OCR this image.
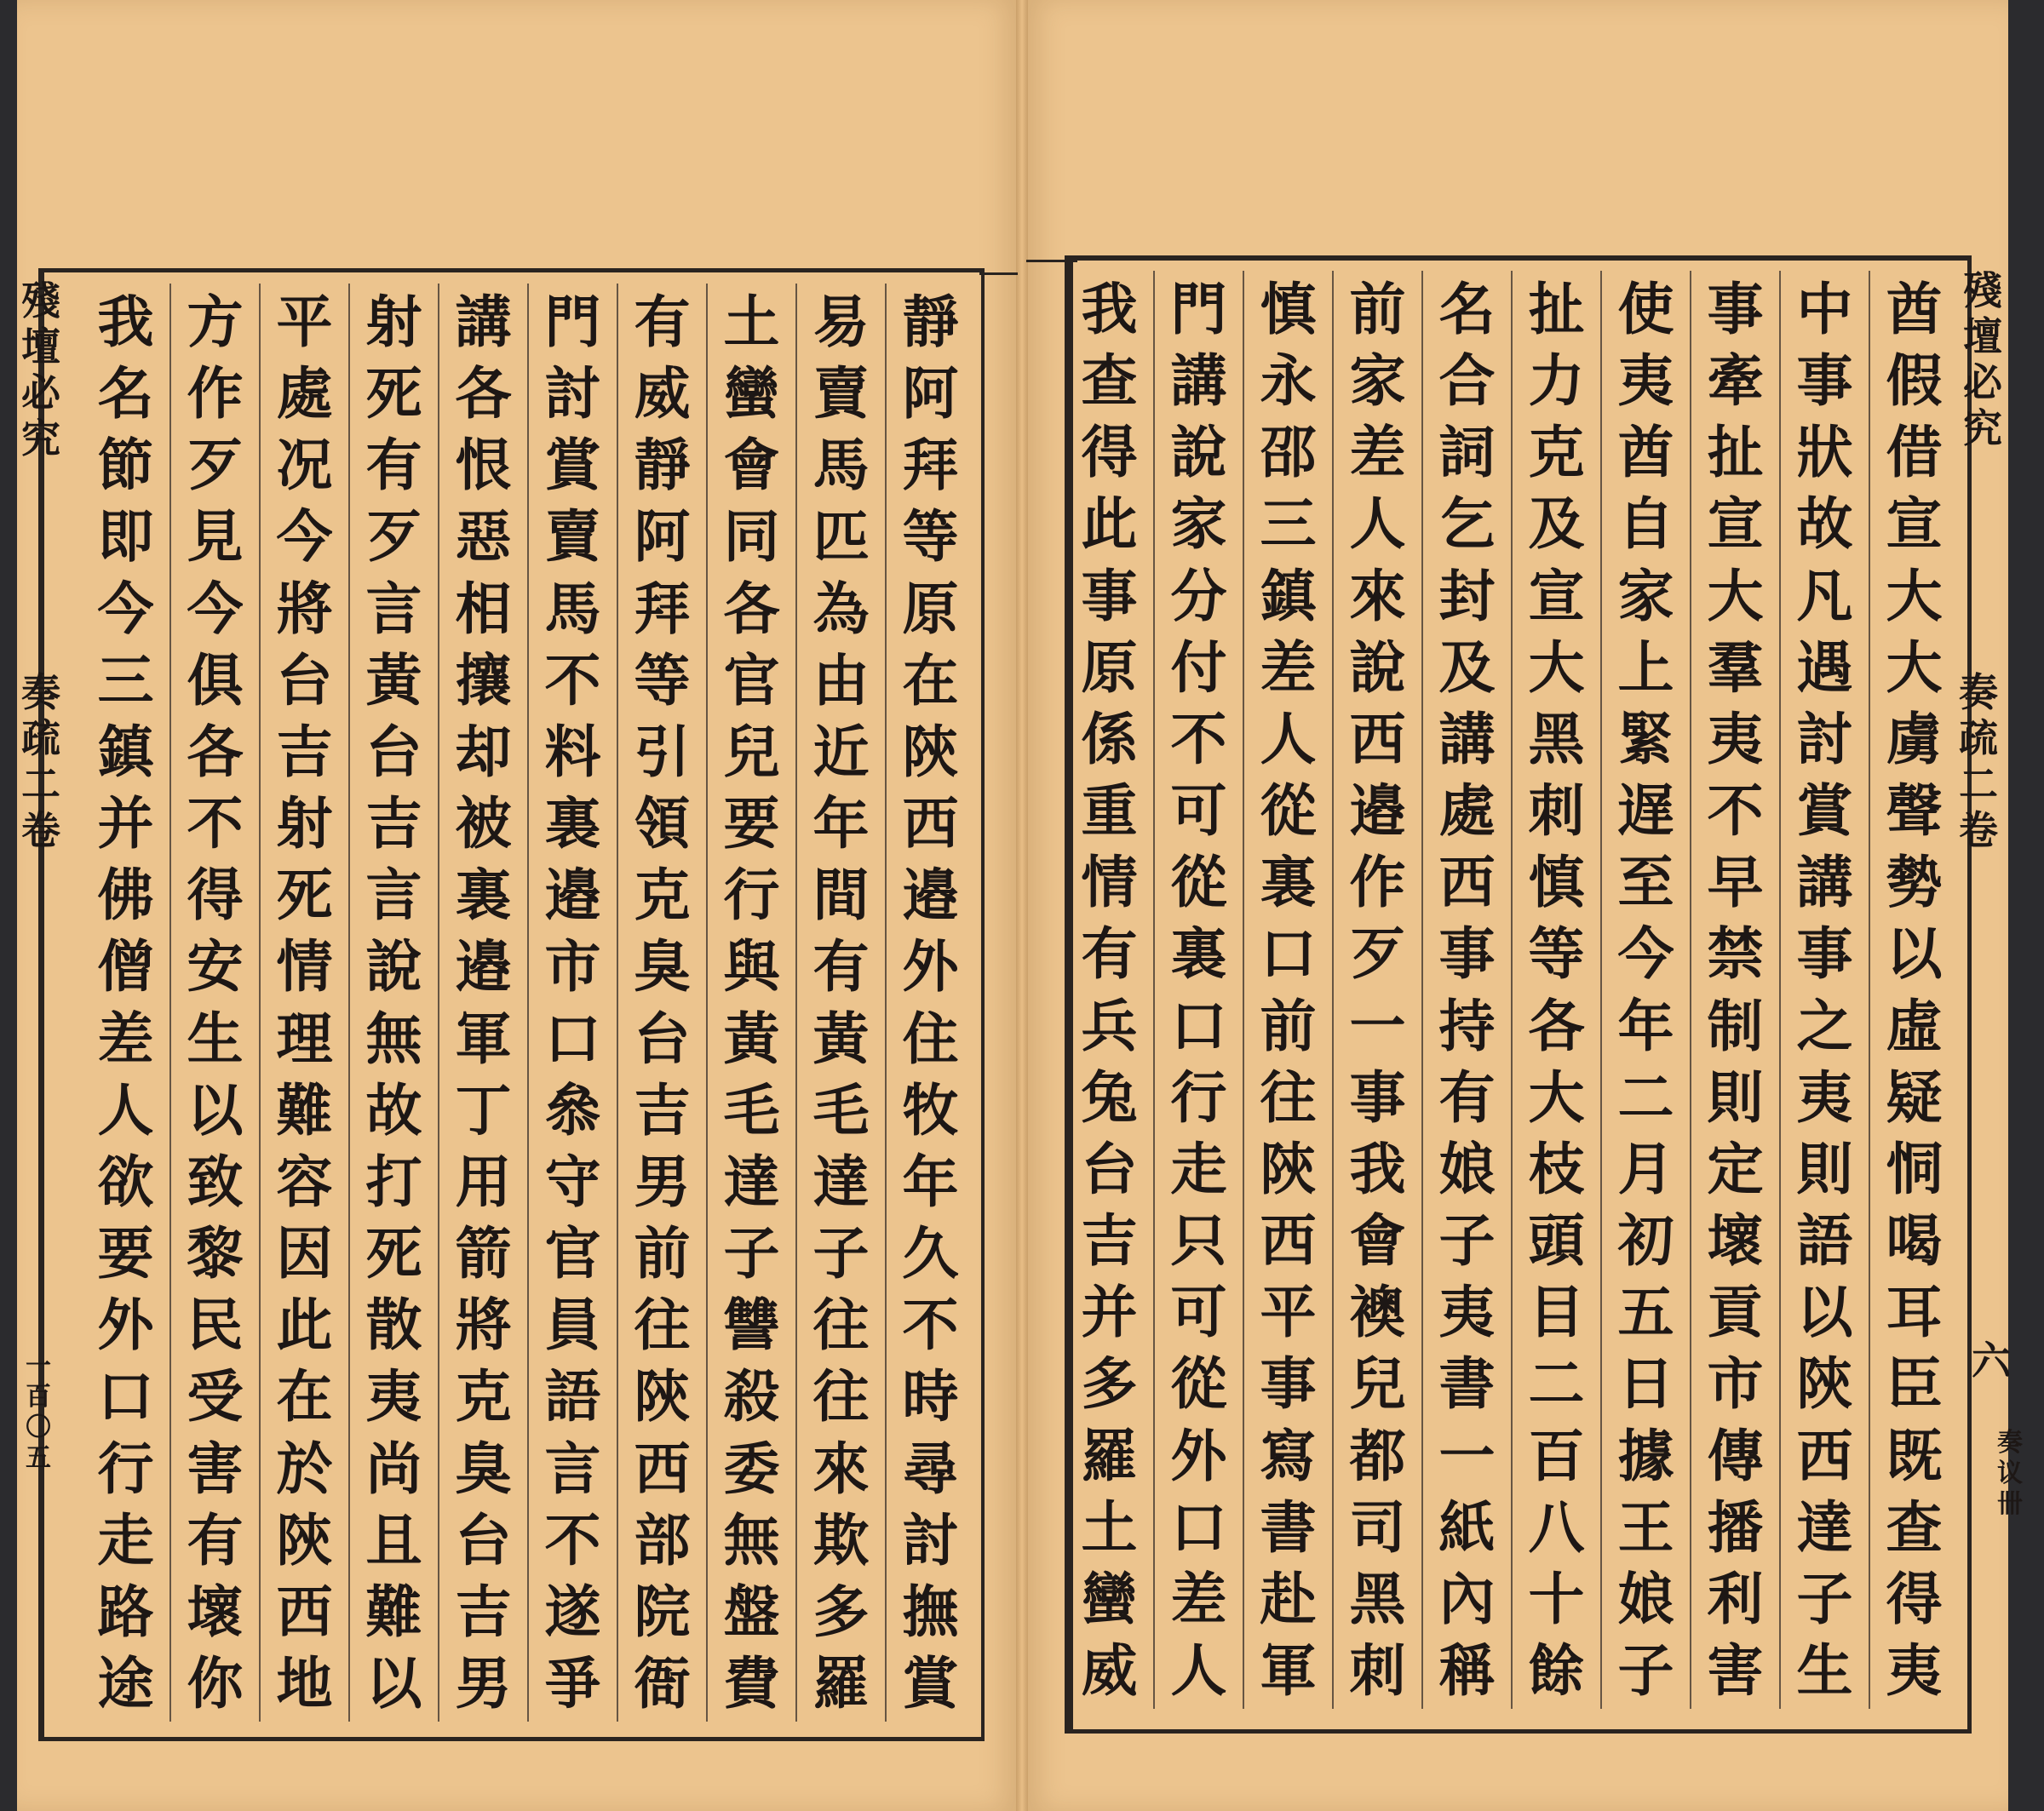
殘
壇
必
究
奏
疏
二
卷
六
奏
议
卌
殘
壇
必
究
奏
疏
二
卷
一
百
〇
五
酋
假
借
宣
大
大
虜
聲
勢
以
虛
疑
恫
喝
耳
臣
既
查
得
夷
中
事
狀
故
凡
遇
討
賞
講
事
之
夷
則
語
以
陝
西
達
子
生
事
牽
扯
宣
大
羣
夷
不
早
禁
制
則
定
壞
貢
市
傳
播
利
害
使
夷
酋
自
家
上
緊
遅
至
今
年
二
月
初
五
日
據
王
娘
子
扯
力
克
及
宣
大
黑
刺
慎
等
各
大
枝
頭
目
二
百
八
十
餘
名
合
詞
乞
封
及
講
處
西
事
持
有
娘
子
夷
書
一
紙
內
稱
前
家
差
人
來
說
西
邉
作
歹
一
事
我
會
襖
兒
都
司
黑
刺
慎
永
邵
三
鎮
差
人
從
裏
口
前
往
陝
西
平
事
寫
書
赴
軍
門
講
說
家
分
付
不
可
從
裏
口
行
走
只
可
從
外
口
差
人
我
查
得
此
事
原
係
重
情
有
兵
兔
台
吉
并
多
羅
土
蠻
威
靜
阿
拜
等
原
在
陝
西
邉
外
住
牧
年
久
不
時
尋
討
撫
賞
易
賣
馬
匹
為
由
近
年
間
有
黃
毛
達
子
往
往
來
欺
多
羅
土
蠻
會
同
各
官
兒
要
行
與
黃
毛
達
子
讐
殺
委
無
盤
費
有
威
靜
阿
拜
等
引
領
克
臭
台
吉
男
前
往
陝
西
部
院
衙
門
討
賞
賣
馬
不
料
裏
邉
市
口
叅
守
官
員
語
言
不
遂
爭
講
各
恨
惡
相
攘
却
被
裏
邉
軍
丁
用
箭
將
克
臭
台
吉
男
射
死
有
歹
言
黃
台
吉
言
說
無
故
打
死
散
夷
尚
且
難
以
平
處
况
今
將
台
吉
射
死
情
理
難
容
因
此
在
於
陝
西
地
方
作
歹
見
今
俱
各
不
得
安
生
以
致
黎
民
受
害
有
壞
你
我
名
節
即
今
三
鎮
并
佛
僧
差
人
欲
要
外
口
行
走
路
途
